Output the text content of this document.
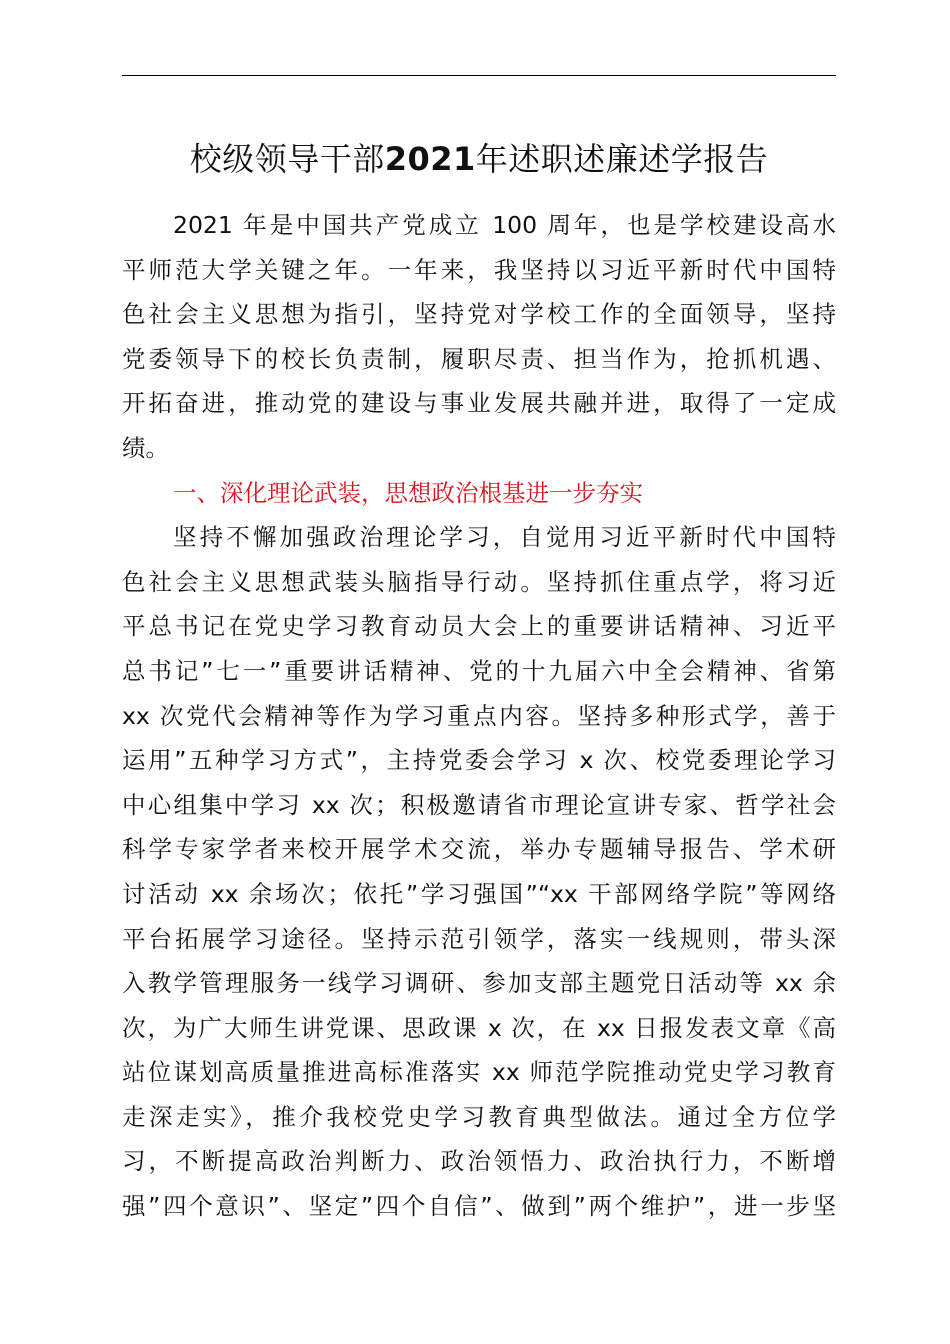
校级领导干部2021年述职述廉述学报告
2021 年是中国共产党成立 100 周年，也是学校建设高水
平师范大学关键之年。一年来，我坚持以习近平新时代中国特
色社会主义思想为指引，坚持党对学校工作的全面领导，坚持
党委领导下的校长负责制，履职尽责、担当作为，抢抓机遇、
开拓奋进，推动党的建设与事业发展共融并进，取得了一定成
绩。
一、深化理论武装，思想政治根基进一步夯实
坚持不懈加强政治理论学习，自觉用习近平新时代中国特
色社会主义思想武装头脑指导行动。坚持抓住重点学，将习近
平总书记在党史学习教育动员大会上的重要讲话精神、习近平
总书记”七一”重要讲话精神、党的十九届六中全会精神、省第
xx 次党代会精神等作为学习重点内容。坚持多种形式学，善于
运用”五种学习方式”，主持党委会学习 x 次、校党委理论学习
中心组集中学习 xx 次；积极邀请省市理论宣讲专家、哲学社会
科学专家学者来校开展学术交流，举办专题辅导报告、学术研
讨活动 xx 余场次；依托”学习强国”“xx 干部网络学院”等网络
平台拓展学习途径。坚持示范引领学，落实一线规则，带头深
入教学管理服务一线学习调研、参加支部主题党日活动等 xx 余
次，为广大师生讲党课、思政课 x 次，在 xx 日报发表文章《高
站位谋划高质量推进高标准落实 xx 师范学院推动党史学习教育
走深走实》，推介我校党史学习教育典型做法。通过全方位学
习，不断提高政治判断力、政治领悟力、政治执行力，不断增
强”四个意识”、坚定”四个自信”、做到”两个维护”，进一步坚
